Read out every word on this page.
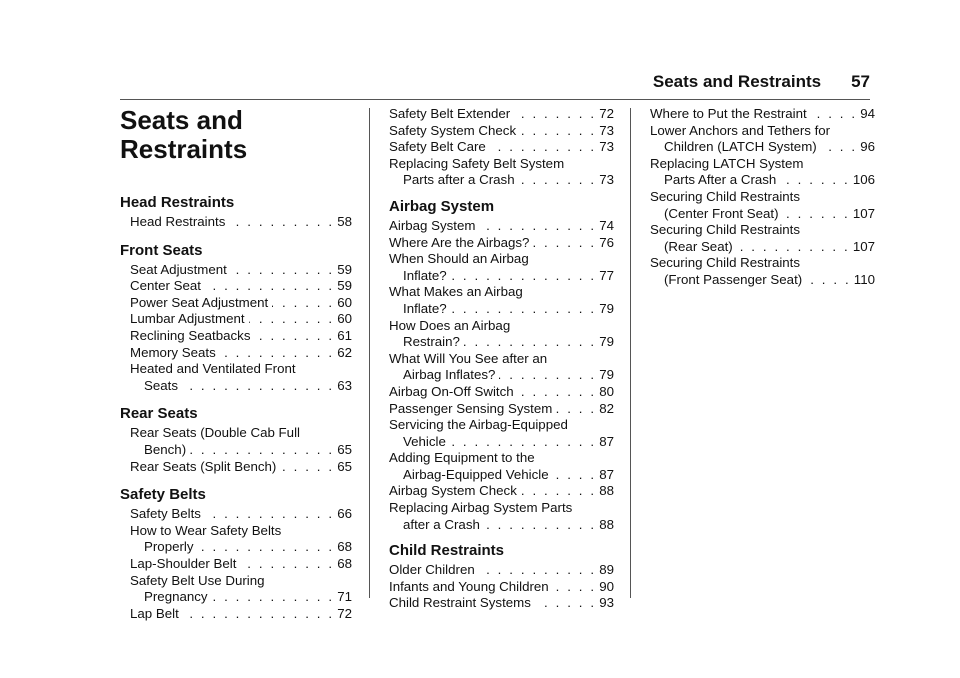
Seats and Restraints 57
Seats and
Restraints
Head Restraints
Head Restraints . . .	58
Front Seats
Seat Adjustment . . .	59
Center Seat . . .	59
Power Seat Adjustment . . .	60
Lumbar Adjustment . . .	60
Reclining Seatbacks . . .	61
Memory Seats . . .	62
Heated and Ventilated Front
Seats . . .	63
Rear Seats
Rear Seats (Double Cab Full
Bench) . . .	65
Rear Seats (Split Bench) . . .	65
Safety Belts
Safety Belts . . .	66
How to Wear Safety Belts
Properly . . .	68
Lap-Shoulder Belt . . .	68
Safety Belt Use During
Pregnancy . . .	71
Lap Belt . . .	72
Safety Belt Extender . . .	72
Safety System Check . . .	73
Safety Belt Care . . .	73
Replacing Safety Belt System
Parts after a Crash . . .	73
Airbag System
Airbag System . . .	74
Where Are the Airbags? . . .	76
When Should an Airbag
Inflate? . . .	77
What Makes an Airbag
Inflate? . . .	79
How Does an Airbag
Restrain? . . .	79
What Will You See after an
Airbag Inflates? . . .	79
Airbag On-Off Switch . . .	80
Passenger Sensing System . . .	82
Servicing the Airbag-Equipped
Vehicle . . .	87
Adding Equipment to the
Airbag-Equipped Vehicle . . .	87
Airbag System Check . . .	88
Replacing Airbag System Parts
after a Crash . . .	88
Child Restraints
Older Children . . .	89
Infants and Young Children . . .	90
Child Restraint Systems . . .	93
Where to Put the Restraint . . .	94
Lower Anchors and Tethers for
Children (LATCH System) . . .	96
Replacing LATCH System
Parts After a Crash . . .	106
Securing Child Restraints
(Center Front Seat) . . .	107
Securing Child Restraints
(Rear Seat) . . .	107
Securing Child Restraints
(Front Passenger Seat) . . .	110
